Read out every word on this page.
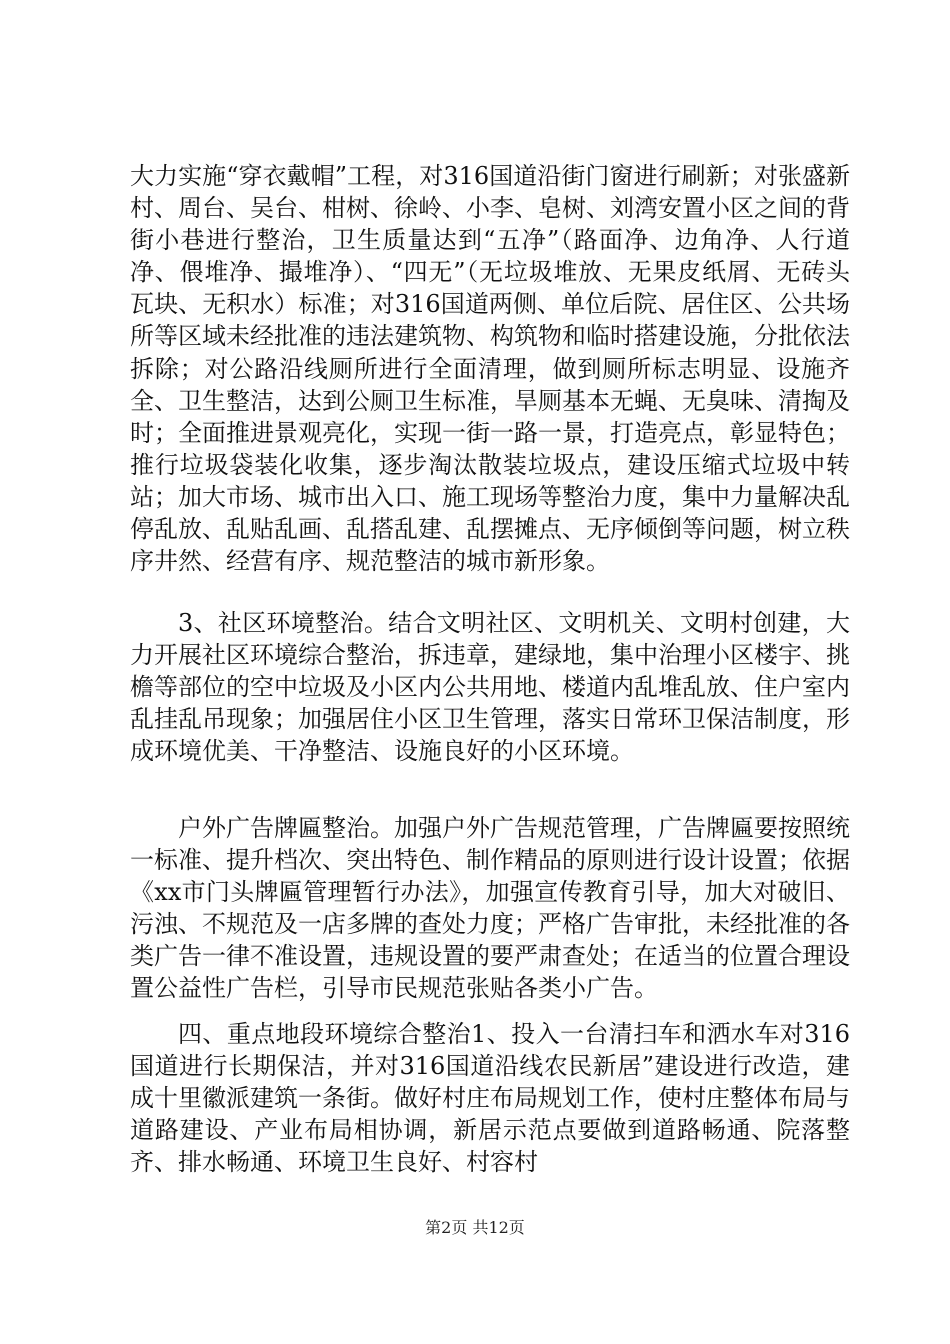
大力实施“穿衣戴帽”工程，对316国道沿街门窗进行刷新；对张盛新村、周台、吴台、柑树、徐岭、小李、皂树、刘湾安置小区之间的背街小巷进行整治，卫生质量达到“五净”（路面净、边角净、人行道净、偎堆净、撮堆净）、“四无”（无垃圾堆放、无果皮纸屑、无砖头瓦块、无积水）标准；对316国道两侧、单位后院、居住区、公共场所等区域未经批准的违法建筑物、构筑物和临时搭建设施，分批依法拆除；对公路沿线厕所进行全面清理，做到厕所标志明显、设施齐全、卫生整洁，达到公厕卫生标准，旱厕基本无蝇、无臭味、清掏及时；全面推进景观亮化，实现一街一路一景，打造亮点，彰显特色；推行垃圾袋装化收集，逐步淘汰散装垃圾点，建设压缩式垃圾中转站；加大市场、城市出入口、施工现场等整治力度，集中力量解决乱停乱放、乱贴乱画、乱搭乱建、乱摆摊点、无序倾倒等问题，树立秩序井然、经营有序、规范整洁的城市新形象。

3、社区环境整治。结合文明社区、文明机关、文明村创建，大力开展社区环境综合整治，拆违章，建绿地，集中治理小区楼宇、挑檐等部位的空中垃圾及小区内公共用地、楼道内乱堆乱放、住户室内乱挂乱吊现象；加强居住小区卫生管理，落实日常环卫保洁制度，形成环境优美、干净整洁、设施良好的小区环境。

户外广告牌匾整治。加强户外广告规范管理，广告牌匾要按照统一标准、提升档次、突出特色、制作精品的原则进行设计设置；依据《xx市门头牌匾管理暂行办法》，加强宣传教育引导，加大对破旧、污浊、不规范及一店多牌的查处力度；严格广告审批，未经批准的各类广告一律不准设置，违规设置的要严肃查处；在适当的位置合理设置公益性广告栏，引导市民规范张贴各类小广告。

四、重点地段环境综合整治1、投入一台清扫车和洒水车对316国道进行长期保洁，并对316国道沿线农民新居”建设进行改造，建成十里徽派建筑一条街。做好村庄布局规划工作，使村庄整体布局与道路建设、产业布局相协调，新居示范点要做到道路畅通、院落整齐、排水畅通、环境卫生良好、村容村

第2页 共12页
